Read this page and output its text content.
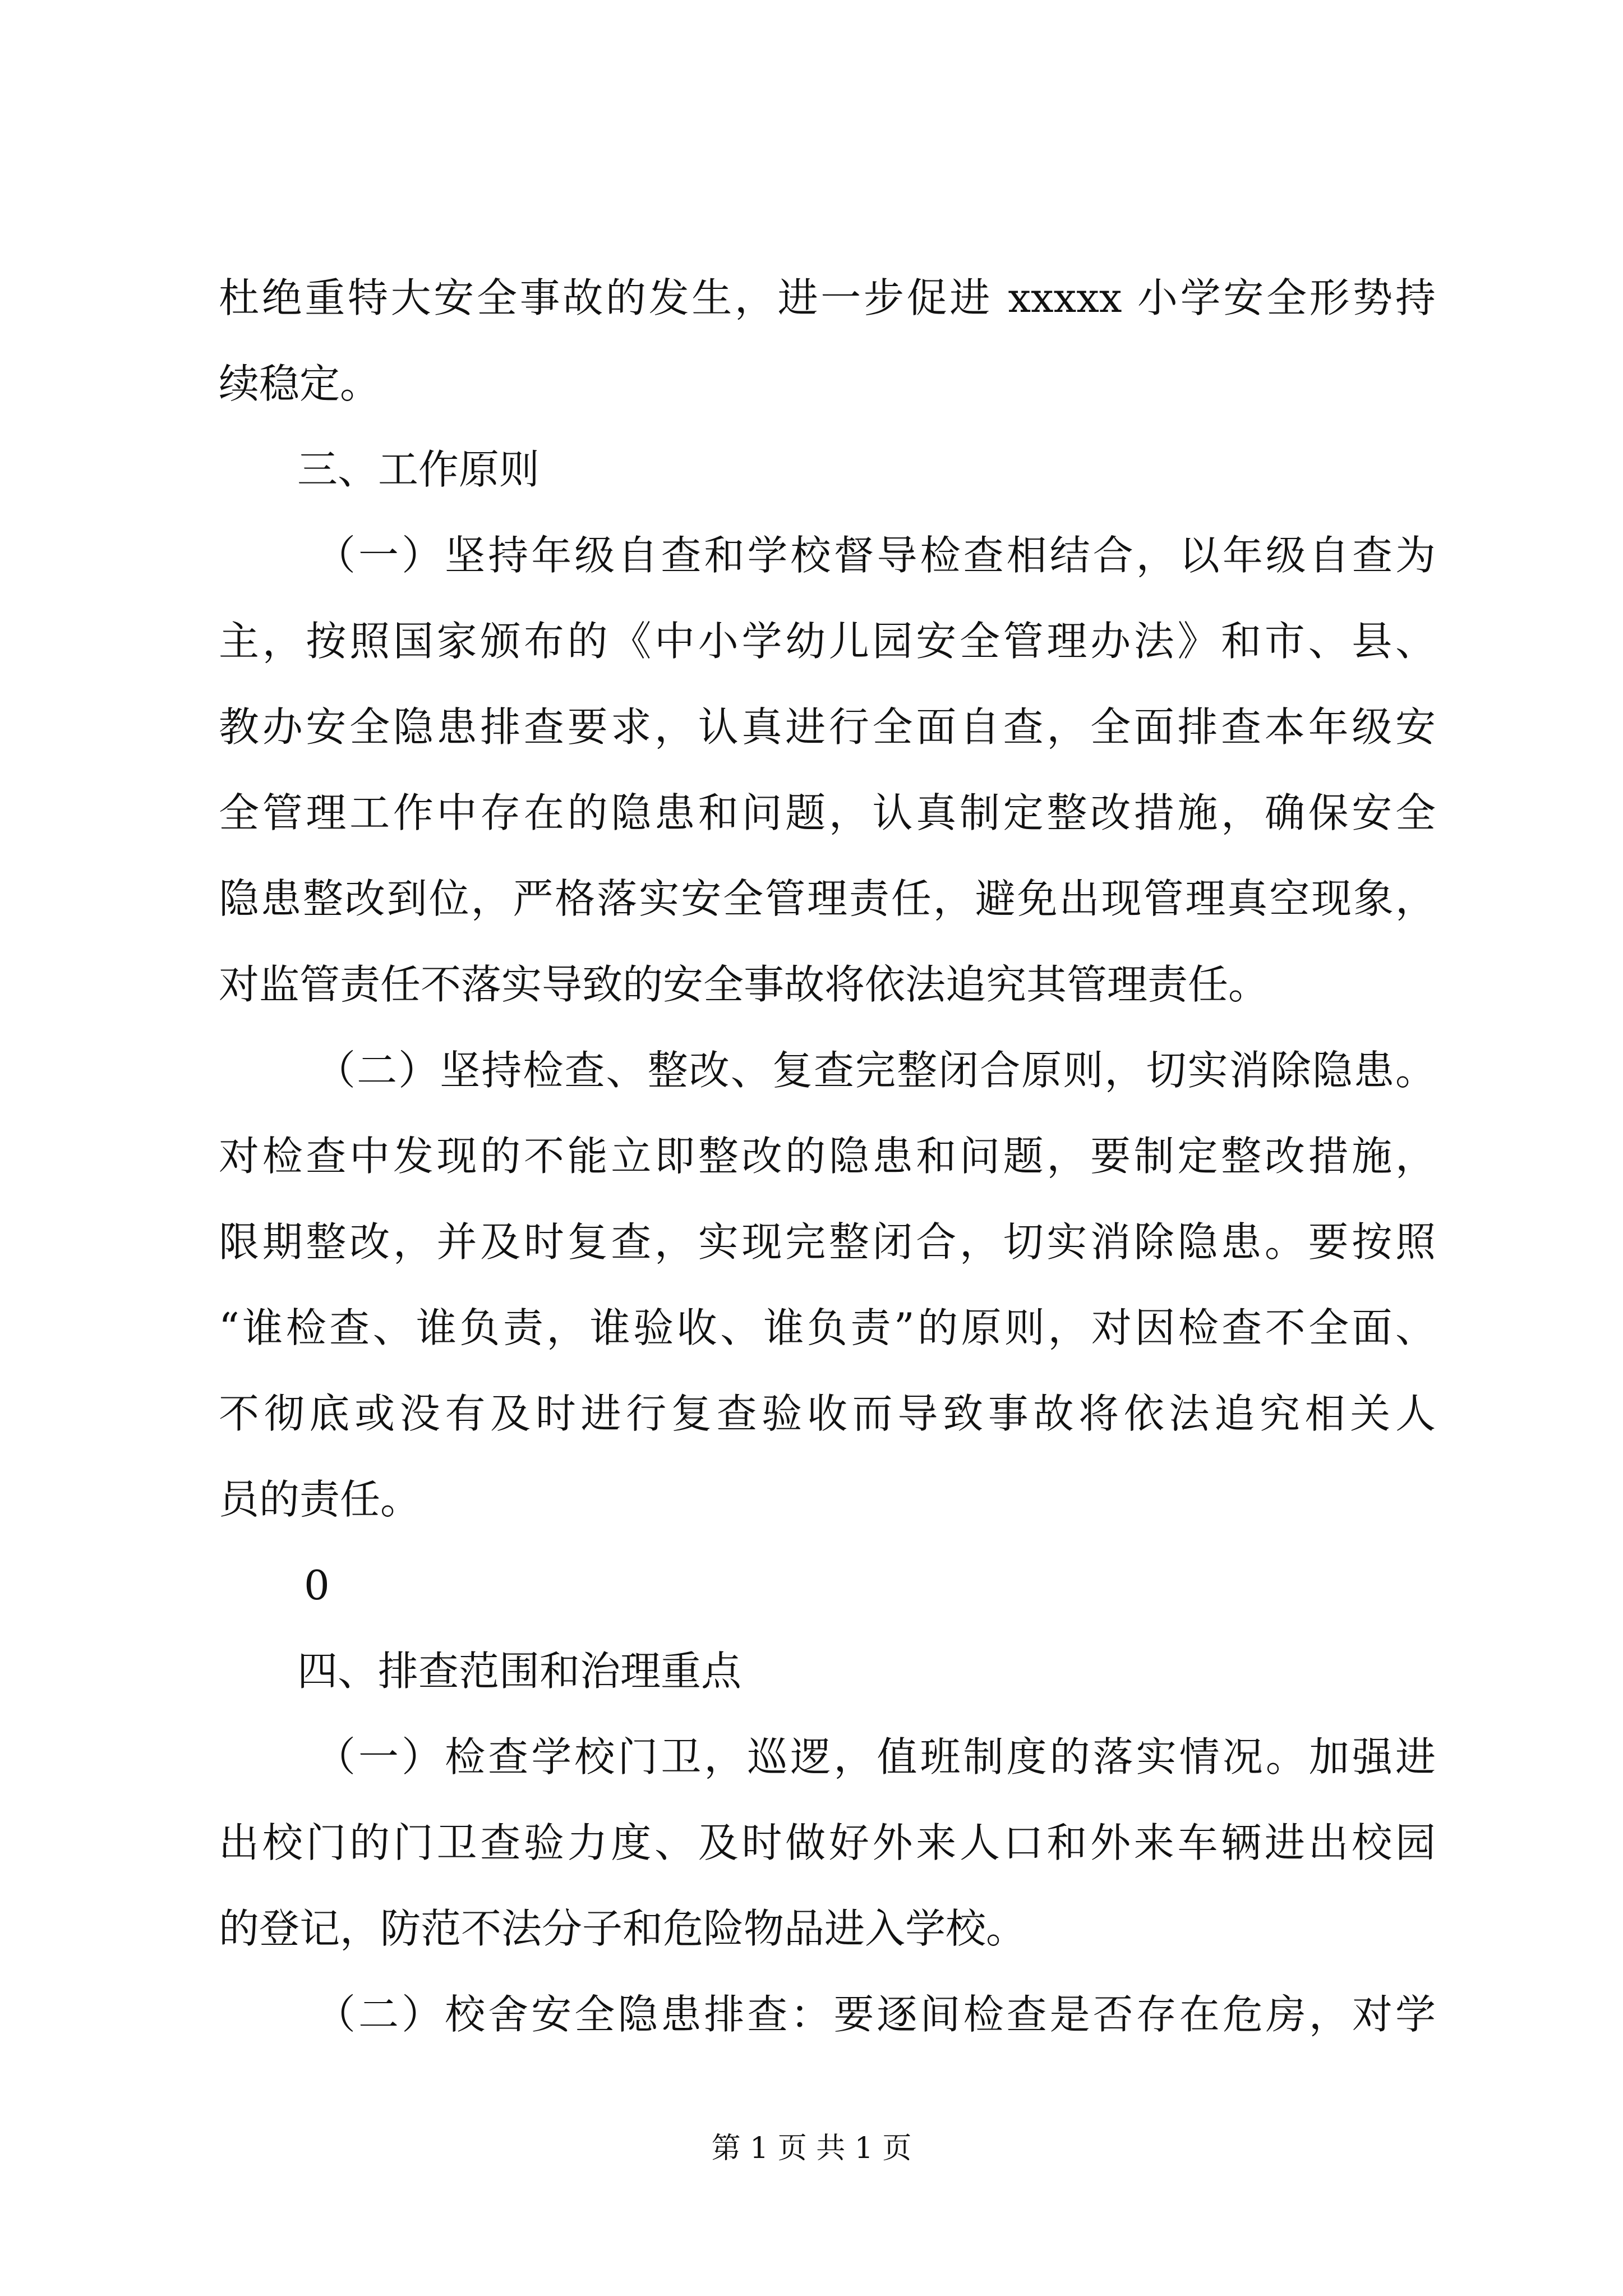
杜绝重特大安全事故的发生，进一步促进 xxxxx 小学安全形势持
续稳定。
三、工作原则
（一）坚持年级自查和学校督导检查相结合，以年级自查为
主，按照国家颁布的《中小学幼儿园安全管理办法》和市、县、
教办安全隐患排查要求，认真进行全面自查，全面排查本年级安
全管理工作中存在的隐患和问题，认真制定整改措施，确保安全
隐患整改到位，严格落实安全管理责任，避免出现管理真空现象，
对监管责任不落实导致的安全事故将依法追究其管理责任。
（二）坚持检查、整改、复查完整闭合原则，切实消除隐患。
对检查中发现的不能立即整改的隐患和问题，要制定整改措施，
限期整改，并及时复查，实现完整闭合，切实消除隐患。要按照
“谁检查、谁负责，谁验收、谁负责”的原则，对因检查不全面、
不彻底或没有及时进行复查验收而导致事故将依法追究相关人
员的责任。
0
四、排查范围和治理重点
（一）检查学校门卫，巡逻，值班制度的落实情况。加强进
出校门的门卫查验力度、及时做好外来人口和外来车辆进出校园
的登记，防范不法分子和危险物品进入学校。
（二）校舍安全隐患排查：要逐间检查是否存在危房，对学
第 1 页 共 1 页
